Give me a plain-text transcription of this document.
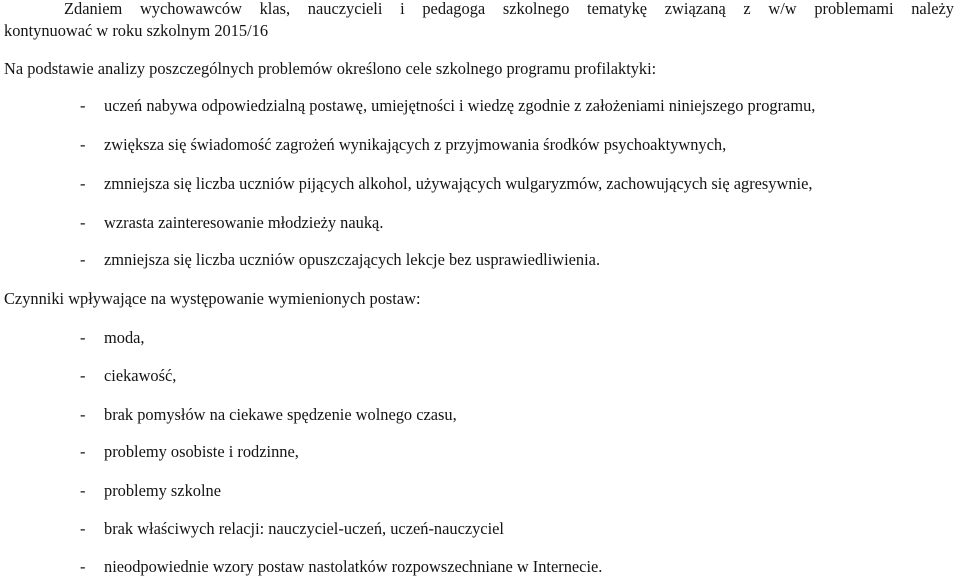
Zdaniem wychowawców klas, nauczycieli i pedagoga szkolnego tematykę związaną z w/w problemami należy
kontynuować w roku szkolnym 2015/16

Na podstawie analizy poszczególnych problemów określono cele szkolnego programu profilaktyki:

- uczeń nabywa odpowiedzialną postawę, umiejętności i wiedzę zgodnie z założeniami niniejszego programu,
- zwiększa się świadomość zagrożeń wynikających z przyjmowania środków psychoaktywnych,
- zmniejsza się liczba uczniów pijących alkohol, używających wulgaryzmów, zachowujących się agresywnie,
- wzrasta zainteresowanie młodzieży nauką.
- zmniejsza się liczba uczniów opuszczających lekcje bez usprawiedliwienia.

Czynniki wpływające na występowanie wymienionych postaw:

- moda,
- ciekawość,
- brak pomysłów na ciekawe spędzenie wolnego czasu,
- problemy osobiste i rodzinne,
- problemy szkolne
- brak właściwych relacji: nauczyciel-uczeń, uczeń-nauczyciel
- nieodpowiednie wzory postaw nastolatków rozpowszechniane w Internecie.
